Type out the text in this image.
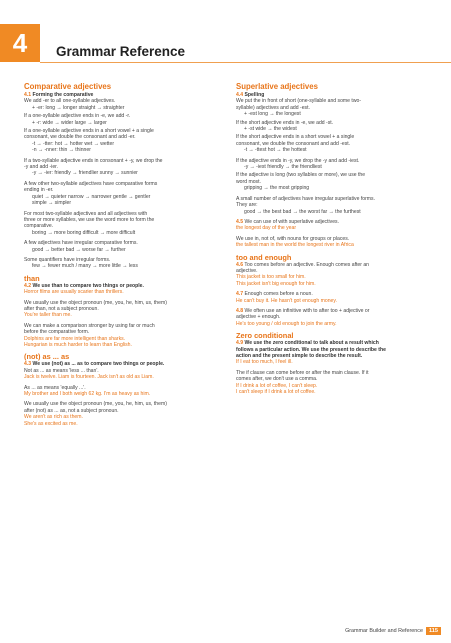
4 Grammar Reference
Comparative adjectives
4.1 Forming the comparative
We add -er to all one-syllable adjectives.
+ -er: long → longer straight → straighter
If a one-syllable adjective ends in -e, we add -r.
+ -r: wide → wider large → larger
If a one-syllable adjective ends in a short vowel + a single
consonant, we double the consonant and add -er.
-t → -tter: hot → hotter wet → wetter
-n → -nner: thin → thinner
If a two-syllable adjective ends in consonant + -y, we drop the
-y and add -ier.
-y → -ier: friendly → friendlier sunny → sunnier
A few other two-syllable adjectives have comparative forms
ending in -er.
quiet → quieter narrow → narrower gentle → gentler
simple → simpler
For most two-syllable adjectives and all adjectives with
three or more syllables, we use the word more to form the
comparative.
boring → more boring difficult → more difficult
A few adjectives have irregular comparative forms.
good → better bad → worse far → further
Some quantifiers have irregular forms.
few → fewer much / many → more little → less
than
4.2 We use than to compare two things or people.
Horror films are usually scarier than thrillers.
We usually use the object pronoun (me, you, he, him, us, them)
after than, not a subject pronoun.
You're taller than me.
We can make a comparison stronger by using far or much
before the comparative form.
Dolphins are far more intelligent than sharks.
Hungarian is much harder to learn than English.
(not) as ... as
4.3 We use (not) as ... as to compare two things or people.
Not as ... as means 'less ... than'.
Jack is twelve. Liam is fourteen. Jack isn't as old as Liam.
As ... as means 'equally ...'.
My brother and I both weigh 62 kg. I'm as heavy as him.
We usually use the object pronoun (me, you, he, him, us, them)
after (not) as ... as, not a subject pronoun.
We aren't as rich as them.
She's as excited as me.
Superlative adjectives
4.4 Spelling
We put the in front of short (one-syllable and some two-
syllable) adjectives and add -est.
+ -est long → the longest
If the short adjective ends in -e, we add -st.
+ -st wide → the widest
If the short adjective ends in a short vowel + a single
consonant, we double the consonant and add -est.
-t → -ttest hot → the hottest
If the adjective ends in -y, we drop the -y and add -iest.
-y → -iest friendly → the friendliest
If the adjective is long (two syllables or more), we use the
word most.
gripping → the most gripping
A small number of adjectives have irregular superlative forms.
They are:
good → the best bad → the worst far → the furthest
4.5 We can use of with superlative adjectives.
the longest day of the year
We use in, not of, with nouns for groups or places.
the tallest man in the world the longest river in Africa
too and enough
4.6 Too comes before an adjective. Enough comes after an
adjective.
This jacket is too small for him.
This jacket isn't big enough for him.
4.7 Enough comes before a noun.
He can't buy it. He hasn't got enough money.
4.8 We often use an infinitive with to after too + adjective or
adjective + enough.
He's too young / old enough to join the army.
Zero conditional
4.9 We use the zero conditional to talk about a result which
follows a particular action. We use the present to describe the
action and the present simple to describe the result.
If I eat too much, I feel ill.
The if clause can come before or after the main clause. If it
comes after, we don't use a comma.
If I drink a lot of coffee, I can't sleep.
I can't sleep if I drink a lot of coffee.
Grammar Builder and Reference	115
